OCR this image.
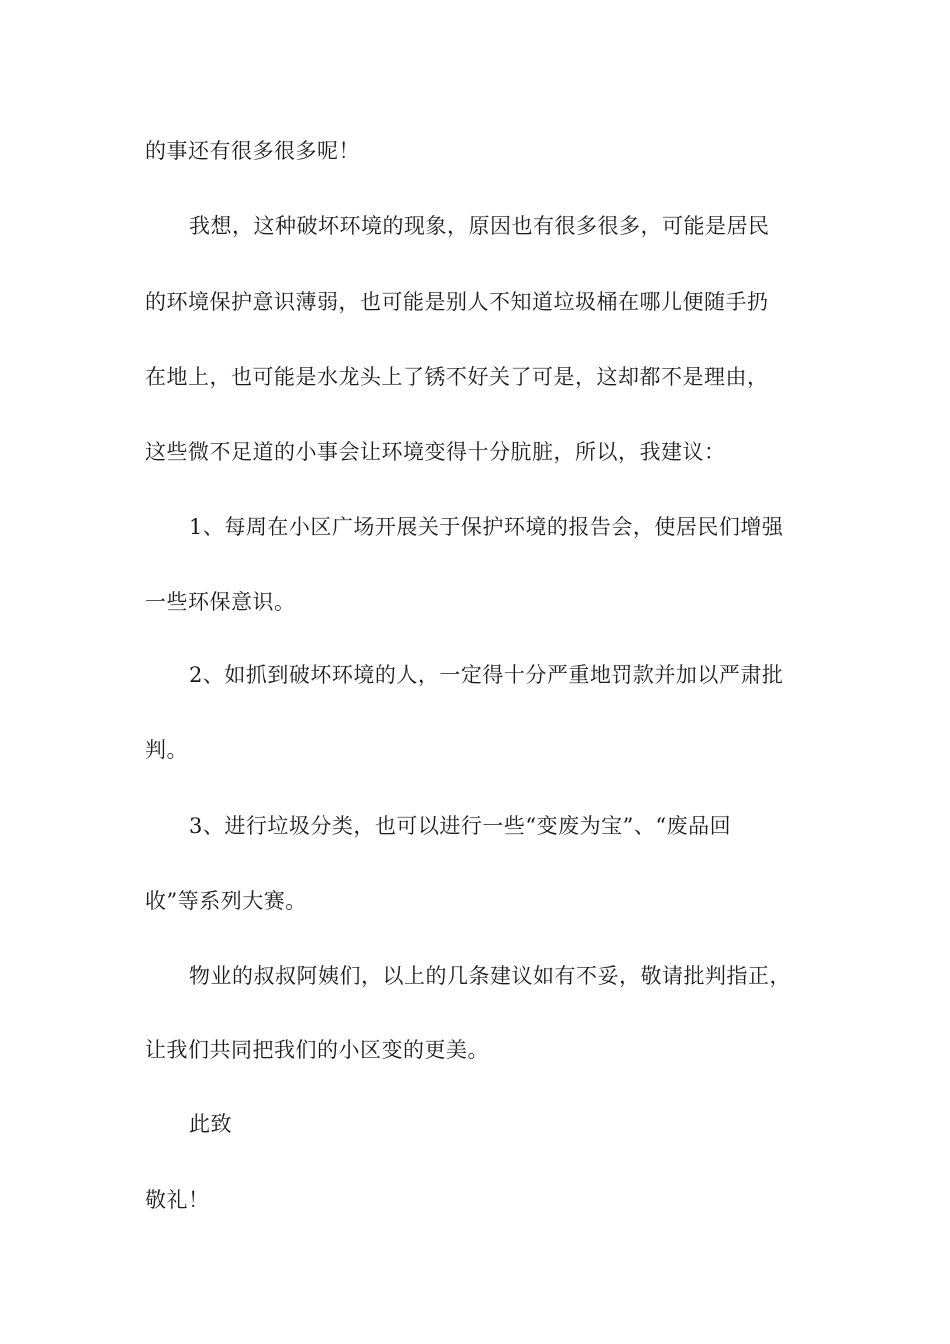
的事还有很多很多呢！
我想，这种破坏环境的现象，原因也有很多很多，可能是居民
的环境保护意识薄弱，也可能是别人不知道垃圾桶在哪儿便随手扔
在地上，也可能是水龙头上了锈不好关了可是，这却都不是理由，
这些微不足道的小事会让环境变得十分肮脏，所以，我建议：
1、每周在小区广场开展关于保护环境的报告会，使居民们增强
一些环保意识。
2、如抓到破坏环境的人，一定得十分严重地罚款并加以严肃批
判。
3、进行垃圾分类，也可以进行一些“变废为宝”、“废品回
收”等系列大赛。
物业的叔叔阿姨们，以上的几条建议如有不妥，敬请批判指正，
让我们共同把我们的小区变的更美。
此致
敬礼！
